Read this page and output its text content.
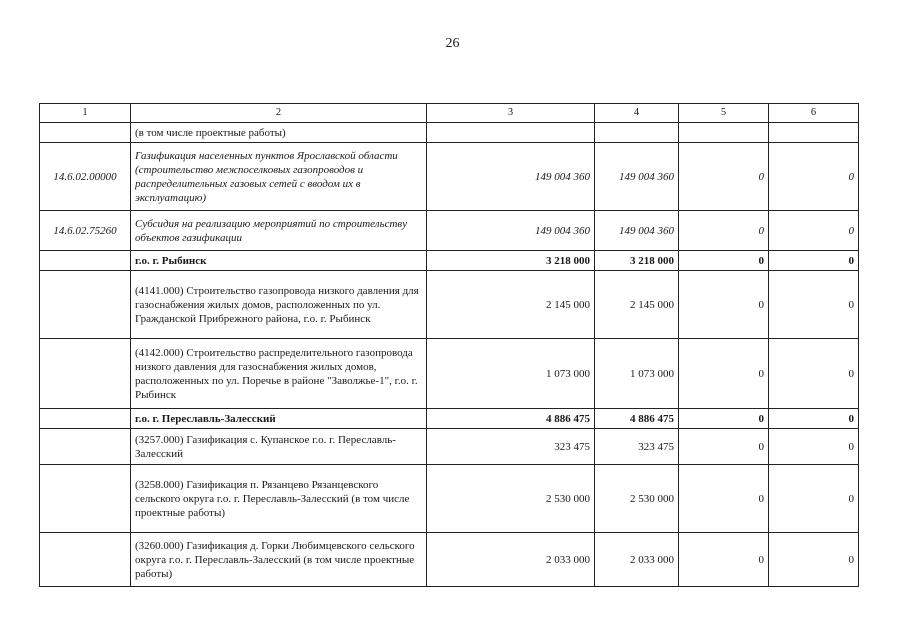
26
1	2	3	4	5	6
	(в том числе проектные работы)				
14.6.02.00000	Газификация населенных пунктов Ярославской области (строительство межпоселковых газопроводов и распределительных газовых сетей с вводом их в эксплуатацию)	149 004 360	149 004 360	0	0
14.6.02.75260	Субсидия на реализацию мероприятий по строительству объектов газификации	149 004 360	149 004 360	0	0
	г.о. г. Рыбинск	3 218 000	3 218 000	0	0
	(4141.000) Строительство газопровода низкого давления для газоснабжения жилых домов, расположенных по ул. Гражданской Прибрежного района, г.о. г. Рыбинск	2 145 000	2 145 000	0	0
	(4142.000) Строительство распределительного газопровода низкого давления для газоснабжения жилых домов, расположенных по ул. Поречье в районе "Заволжье-1", г.о. г. Рыбинск	1 073 000	1 073 000	0	0
	г.о. г. Переславль-Залесский	4 886 475	4 886 475	0	0
	(3257.000) Газификация с. Купанское г.о. г. Переславль-Залесский	323 475	323 475	0	0
	(3258.000) Газификация п. Рязанцево Рязанцевского сельского округа г.о. г. Переславль-Залесский (в том числе проектные работы)	2 530 000	2 530 000	0	0
	(3260.000) Газификация д. Горки Любимцевского сельского округа г.о. г. Переславль-Залесский (в том числе проектные работы)	2 033 000	2 033 000	0	0
